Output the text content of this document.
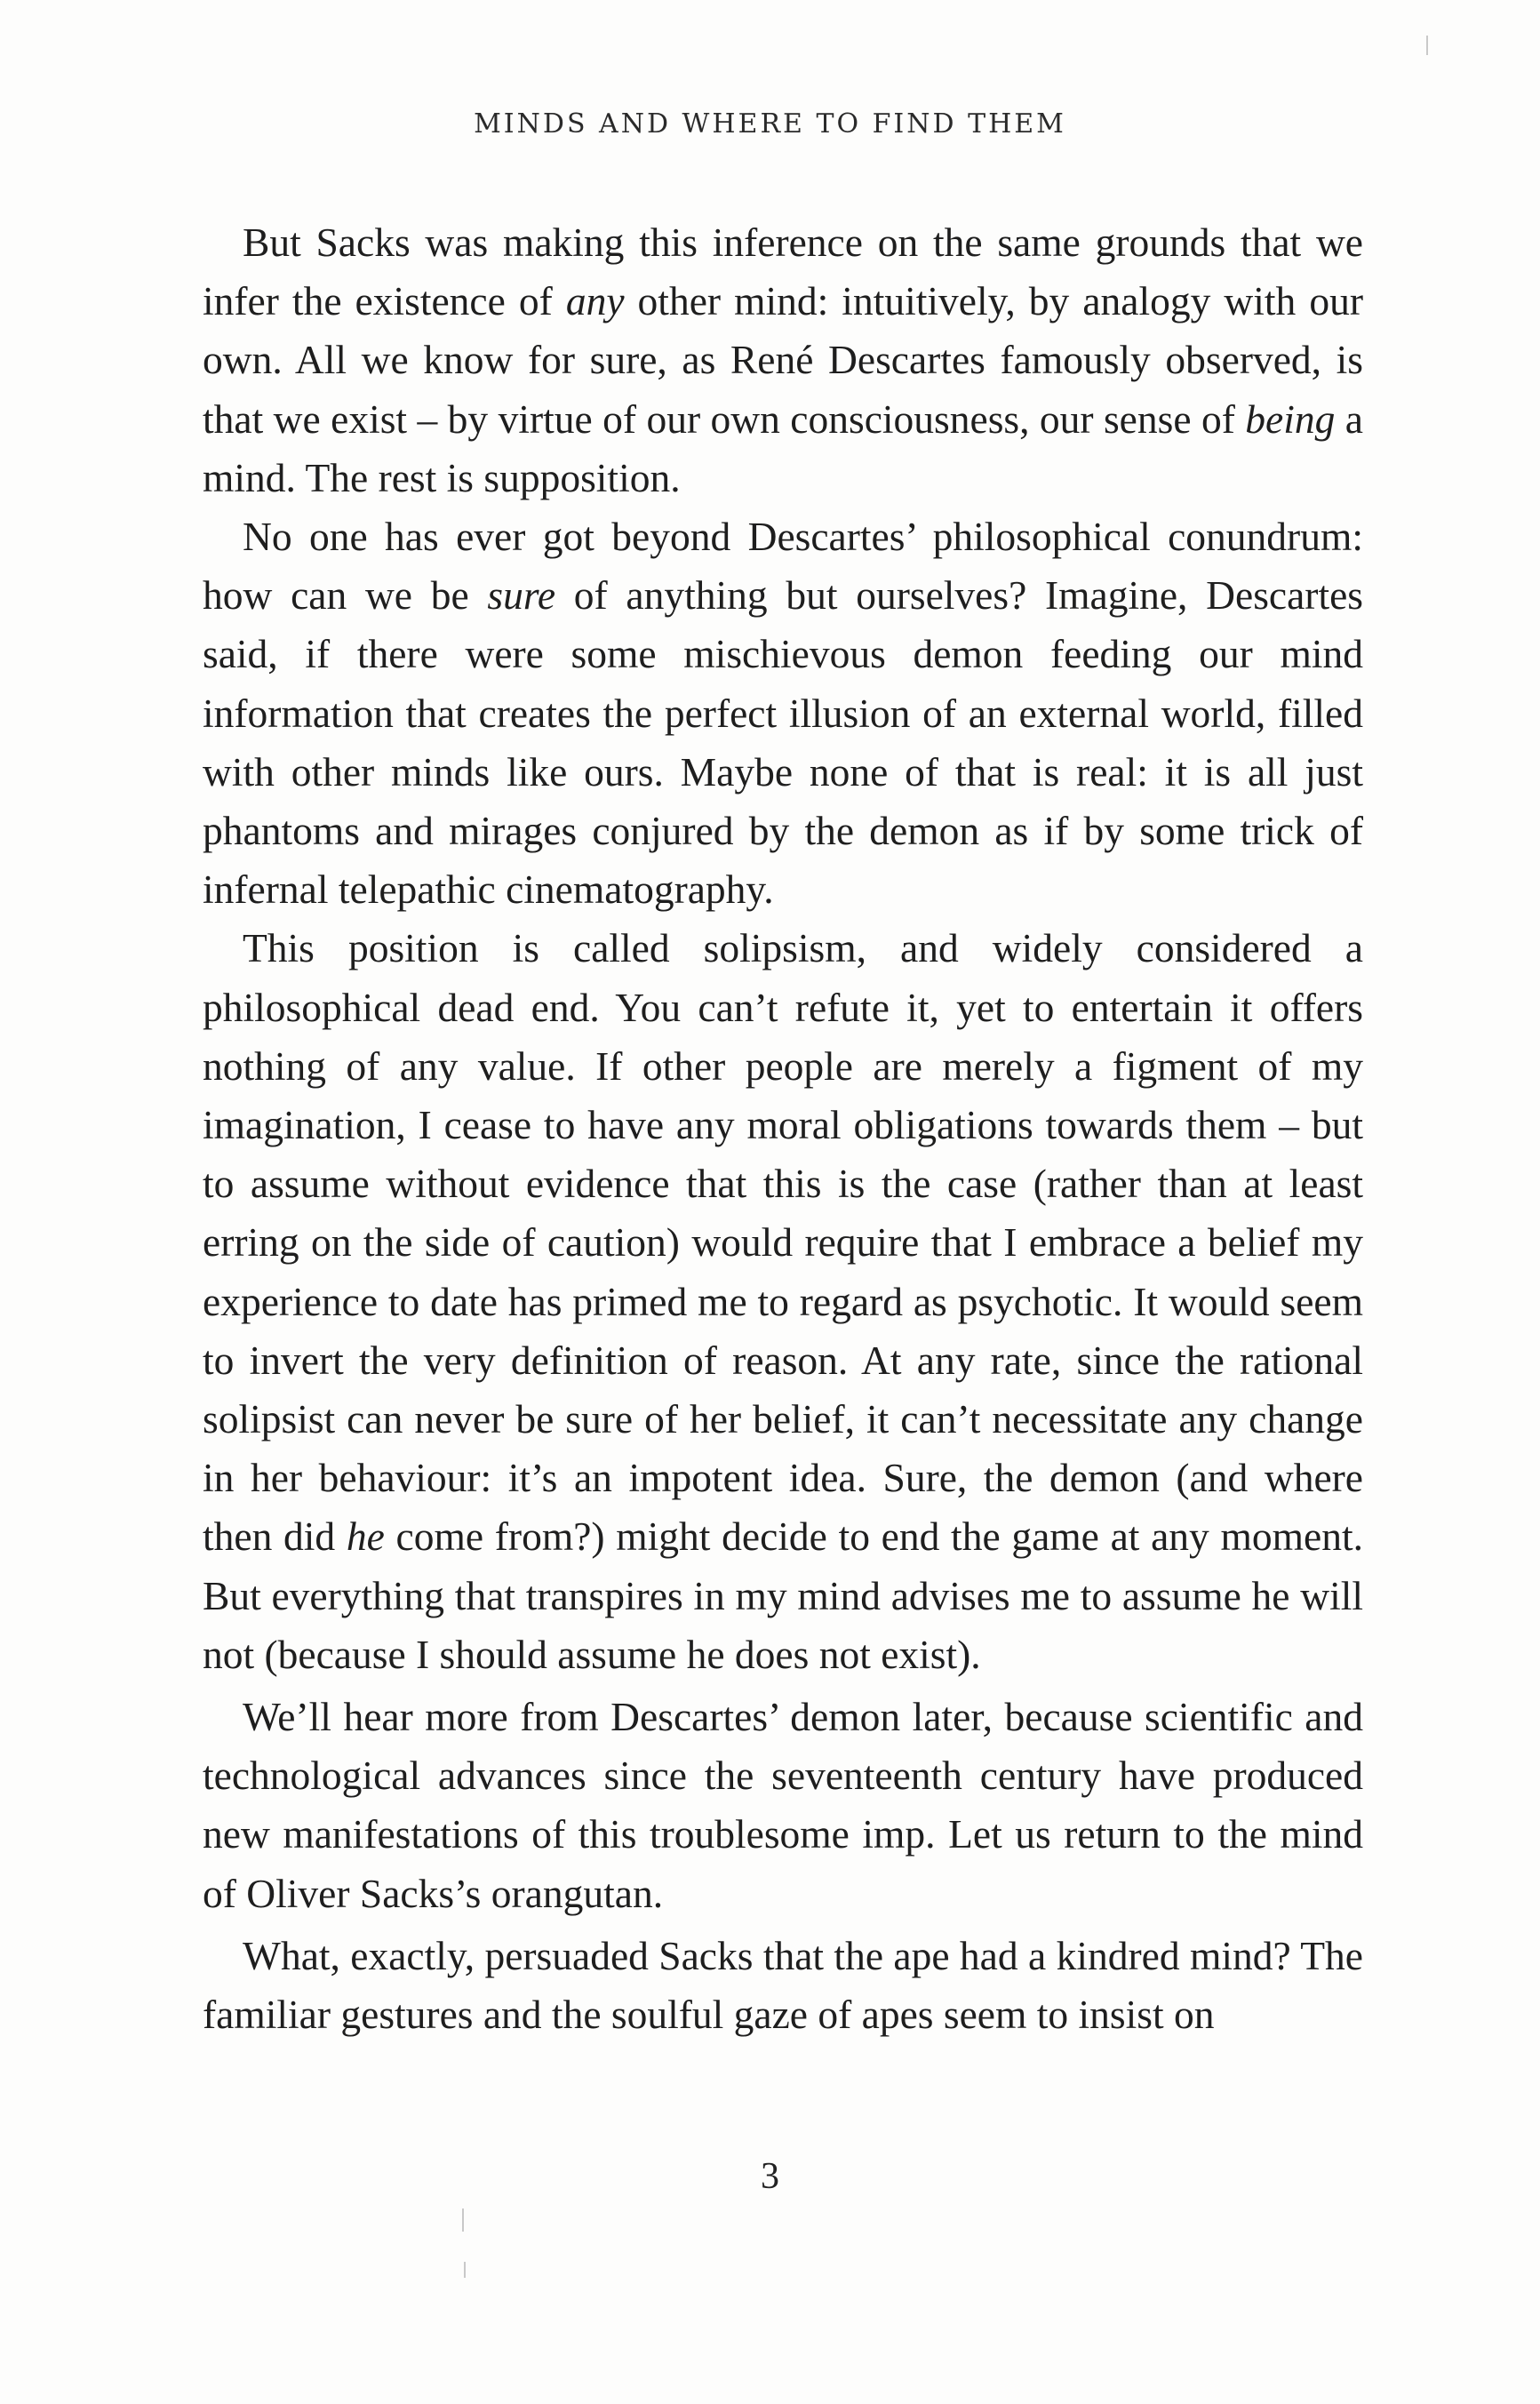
MINDS AND WHERE TO FIND THEM

But Sacks was making this inference on the same grounds that we infer the existence of any other mind: intuitively, by analogy with our own. All we know for sure, as René Descartes famously observed, is that we exist – by virtue of our own consciousness, our sense of being a mind. The rest is supposition.

No one has ever got beyond Descartes’ philosophical conundrum: how can we be sure of anything but ourselves? Imagine, Descartes said, if there were some mischievous demon feeding our mind information that creates the perfect illusion of an external world, filled with other minds like ours. Maybe none of that is real: it is all just phantoms and mirages conjured by the demon as if by some trick of infernal telepathic cinematography.

This position is called solipsism, and widely considered a philosophical dead end. You can’t refute it, yet to entertain it offers nothing of any value. If other people are merely a figment of my imagination, I cease to have any moral obligations towards them – but to assume without evidence that this is the case (rather than at least erring on the side of caution) would require that I embrace a belief my experience to date has primed me to regard as psychotic. It would seem to invert the very definition of reason. At any rate, since the rational solipsist can never be sure of her belief, it can’t necessitate any change in her behaviour: it’s an impotent idea. Sure, the demon (and where then did he come from?) might decide to end the game at any moment. But everything that transpires in my mind advises me to assume he will not (because I should assume he does not exist).

We’ll hear more from Descartes’ demon later, because scientific and technological advances since the seventeenth century have produced new manifestations of this troublesome imp. Let us return to the mind of Oliver Sacks’s orangutan.

What, exactly, persuaded Sacks that the ape had a kindred mind? The familiar gestures and the soulful gaze of apes seem to insist on

3
